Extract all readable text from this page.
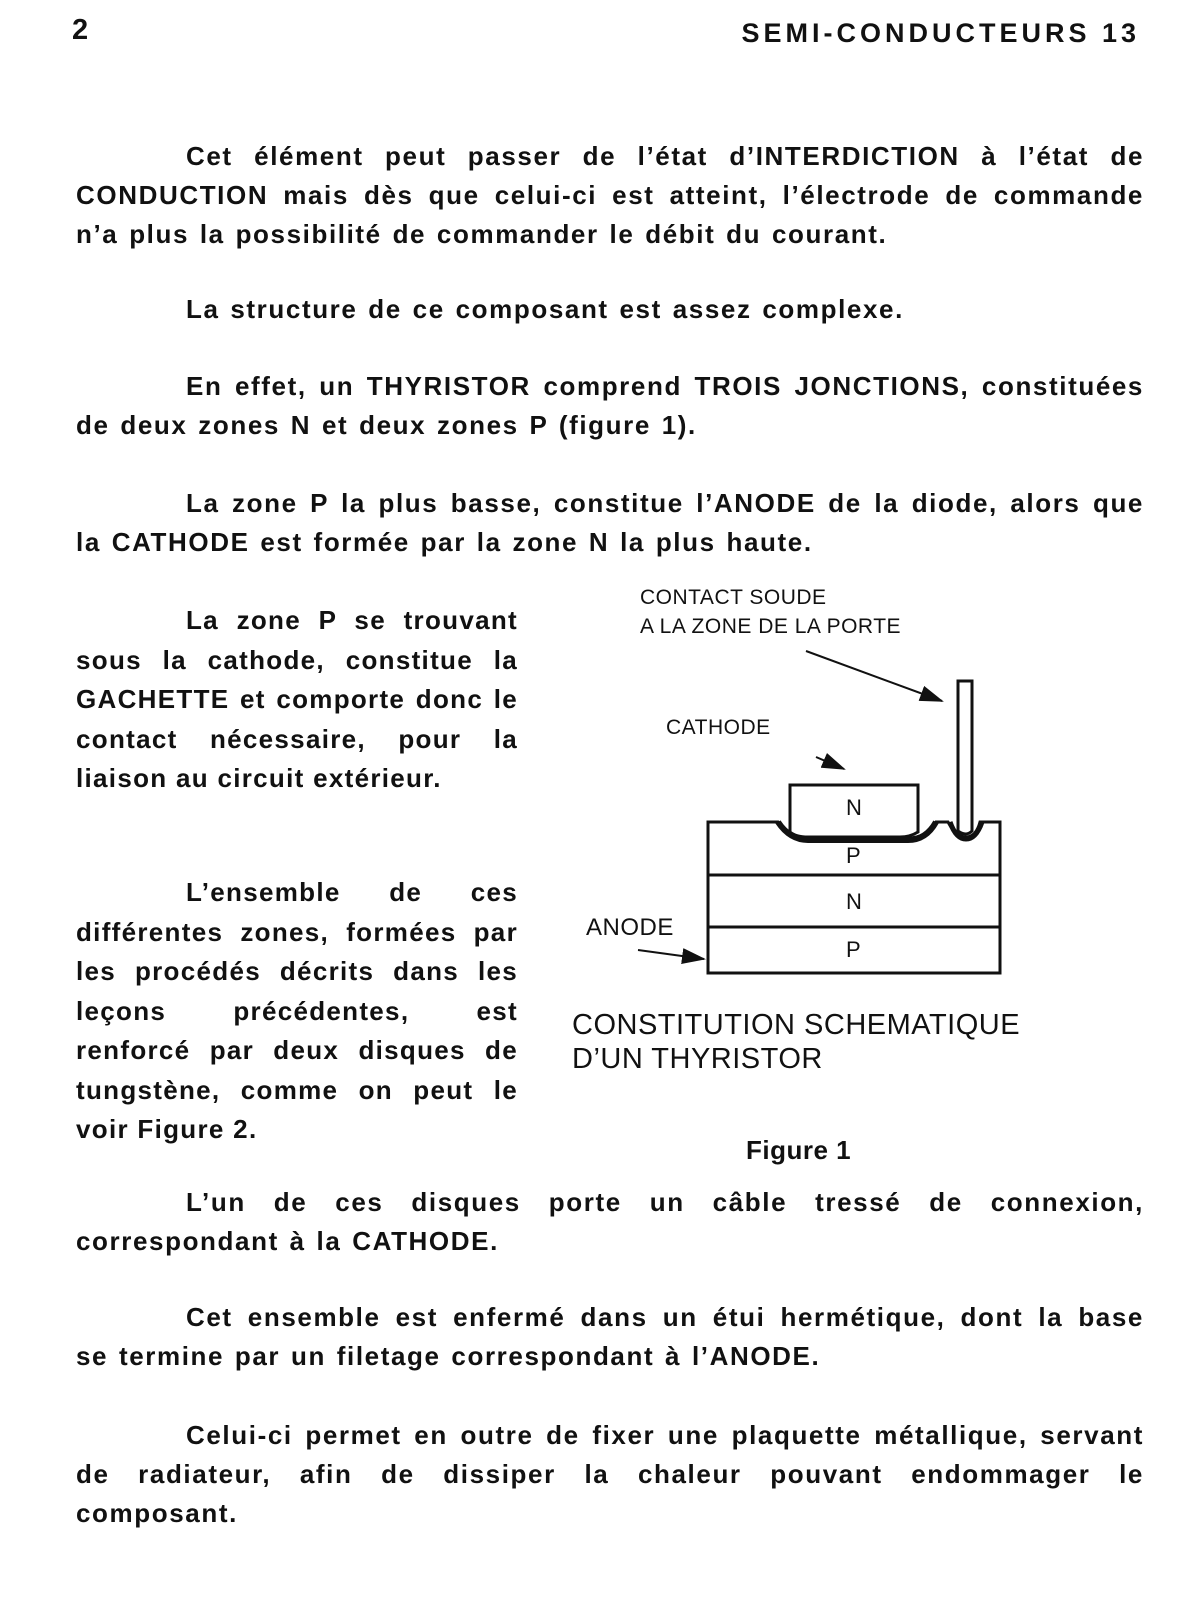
2	SEMI-CONDUCTEURS 13

Cet élément peut passer de l’état d’INTERDICTION à l’état de CONDUCTION mais dès que celui-ci est atteint, l’électrode de commande n’a plus la possibilité de commander le débit du courant.

La structure de ce composant est assez complexe.

En effet, un THYRISTOR comprend TROIS JONCTIONS, constituées de deux zones N et deux zones P (figure 1).

La zone P la plus basse, constitue l’ANODE de la diode, alors que la CATHODE est formée par la zone N la plus haute.

La zone P se trouvant sous la cathode, constitue la GACHETTE et comporte donc le contact nécessaire, pour la liaison au circuit extérieur.

L’ensemble de ces différentes zones, formées par les procédés décrits dans les leçons précédentes, est renforcé par deux disques de tungstène, comme on peut le voir Figure 2.

CONTACT SOUDE
A LA ZONE DE LA PORTE
CATHODE
ANODE
N
P
N
P
CONSTITUTION SCHEMATIQUE
D’UN THYRISTOR
Figure 1

L’un de ces disques porte un câble tressé de connexion, correspondant à la CATHODE.

Cet ensemble est enfermé dans un étui hermétique, dont la base se termine par un filetage correspondant à l’ANODE.

Celui-ci permet en outre de fixer une plaquette métallique, servant de radiateur, afin de dissiper la chaleur pouvant endommager le composant.
